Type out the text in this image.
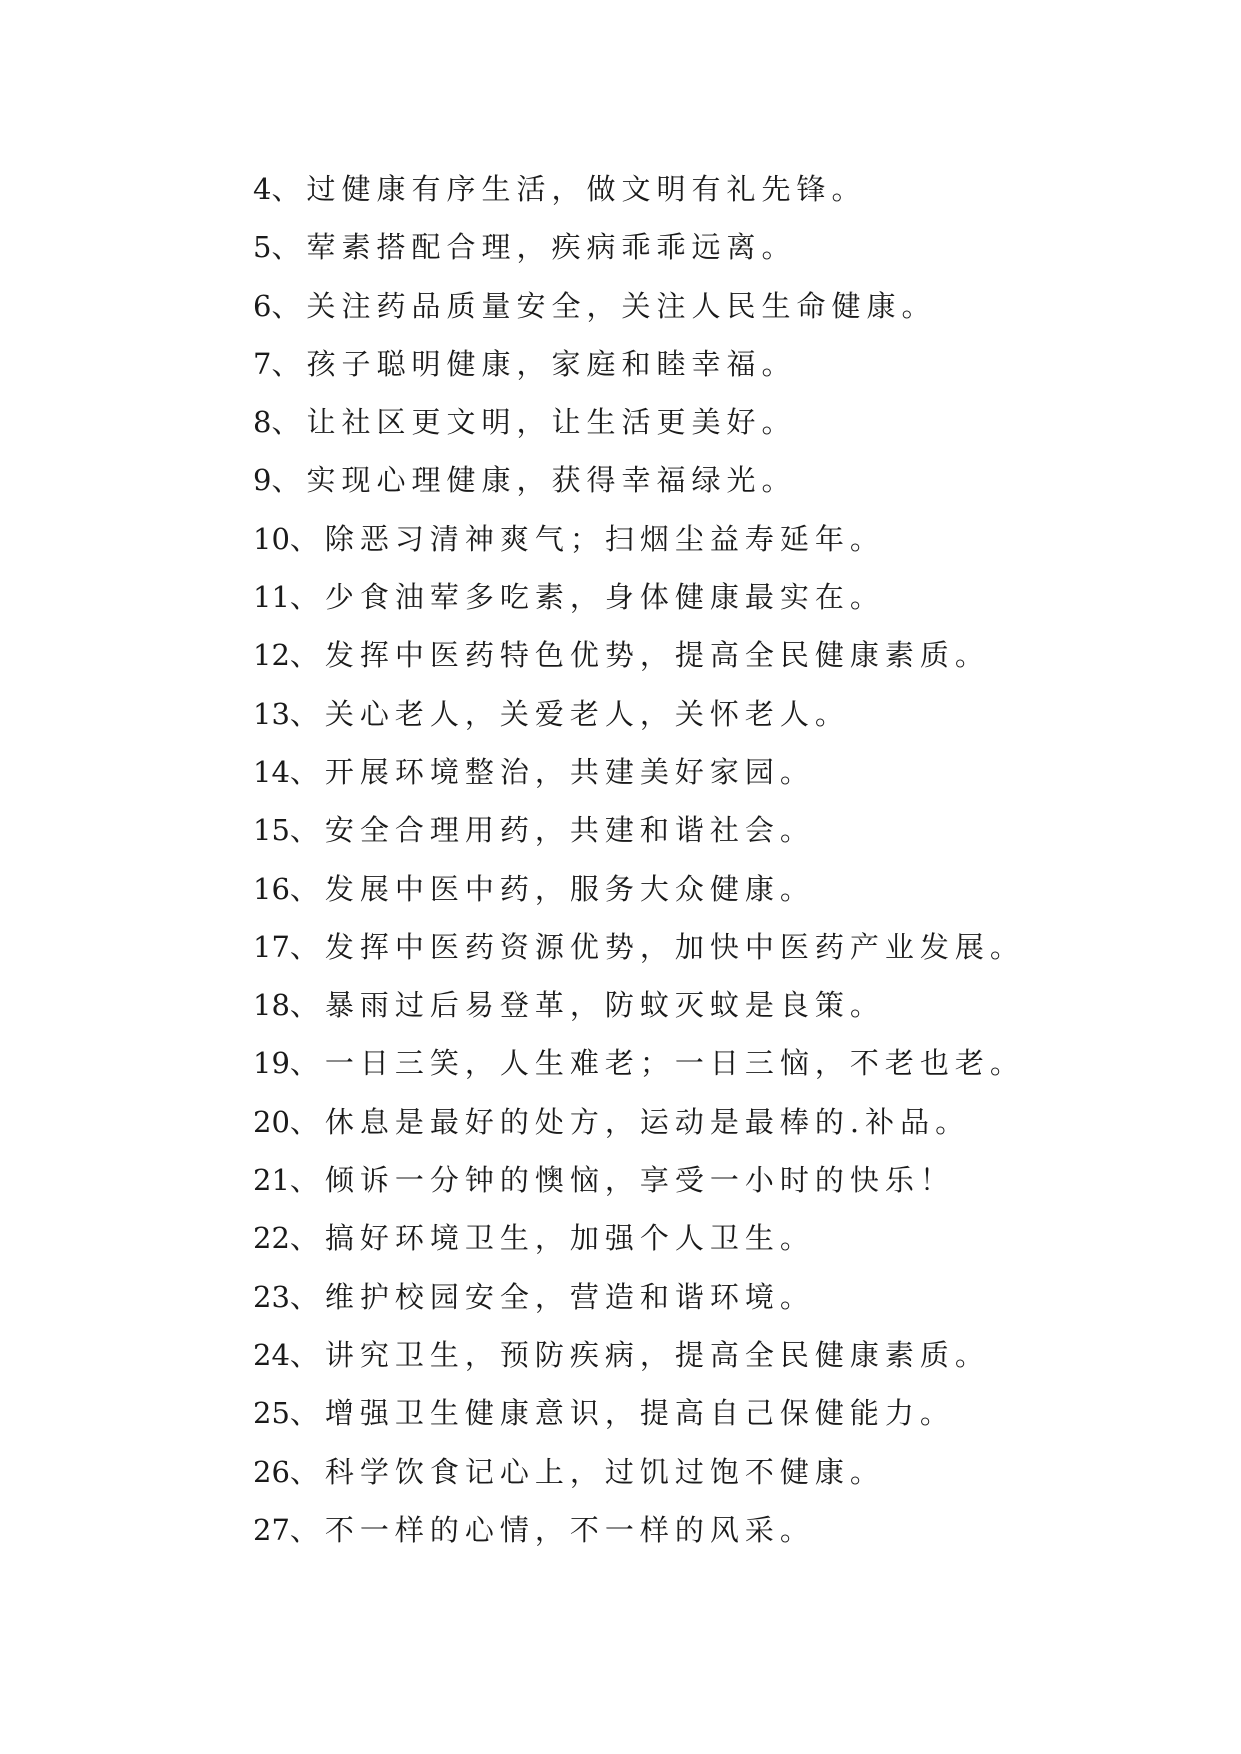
4、过健康有序生活，做文明有礼先锋。
5、荤素搭配合理，疾病乖乖远离。
6、关注药品质量安全，关注人民生命健康。
7、孩子聪明健康，家庭和睦幸福。
8、让社区更文明，让生活更美好。
9、实现心理健康，获得幸福绿光。
10、除恶习清神爽气；扫烟尘益寿延年。
11、少食油荤多吃素，身体健康最实在。
12、发挥中医药特色优势，提高全民健康素质。
13、关心老人，关爱老人，关怀老人。
14、开展环境整治，共建美好家园。
15、安全合理用药，共建和谐社会。
16、发展中医中药，服务大众健康。
17、发挥中医药资源优势，加快中医药产业发展。
18、暴雨过后易登革，防蚊灭蚊是良策。
19、一日三笑，人生难老；一日三恼，不老也老。
20、休息是最好的处方，运动是最棒的.补品。
21、倾诉一分钟的懊恼，享受一小时的快乐！
22、搞好环境卫生，加强个人卫生。
23、维护校园安全，营造和谐环境。
24、讲究卫生，预防疾病，提高全民健康素质。
25、增强卫生健康意识，提高自己保健能力。
26、科学饮食记心上，过饥过饱不健康。
27、不一样的心情，不一样的风采。
